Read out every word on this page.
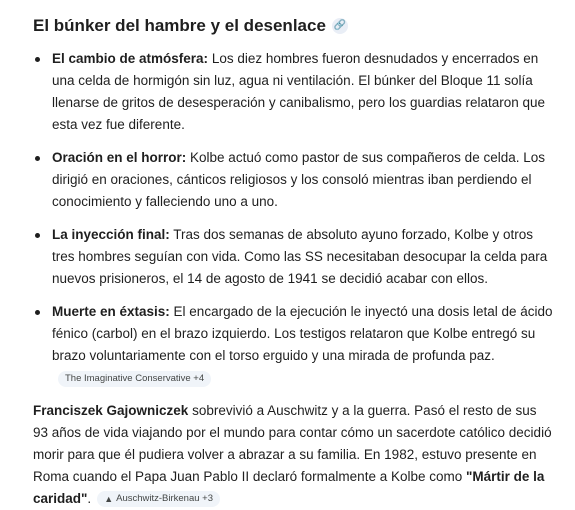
El búnker del hambre y el desenlace 🔗
El cambio de atmósfera: Los diez hombres fueron desnudados y encerrados en una celda de hormigón sin luz, agua ni ventilación. El búnker del Bloque 11 solía llenarse de gritos de desesperación y canibalismo, pero los guardias relataron que esta vez fue diferente.
Oración en el horror: Kolbe actuó como pastor de sus compañeros de celda. Los dirigió en oraciones, cánticos religiosos y los consoló mientras iban perdiendo el conocimiento y falleciendo uno a uno.
La inyección final: Tras dos semanas de absoluto ayuno forzado, Kolbe y otros tres hombres seguían con vida. Como las SS necesitaban desocupar la celda para nuevos prisioneros, el 14 de agosto de 1941 se decidió acabar con ellos.
Muerte en éxtasis: El encargado de la ejecución le inyectó una dosis letal de ácido fénico (carbol) en el brazo izquierdo. Los testigos relataron que Kolbe entregó su brazo voluntariamente con el torso erguido y una mirada de profunda paz.
The Imaginative Conservative +4

Franciszek Gajowniczek sobrevivió a Auschwitz y a la guerra. Pasó el resto de sus 93 años de vida viajando por el mundo para contar cómo un sacerdote católico decidió morir para que él pudiera volver a abrazar a su familia. En 1982, estuvo presente en Roma cuando el Papa Juan Pablo II declaró formalmente a Kolbe como "Mártir de la caridad". ▲ Auschwitz-Birkenau +3
